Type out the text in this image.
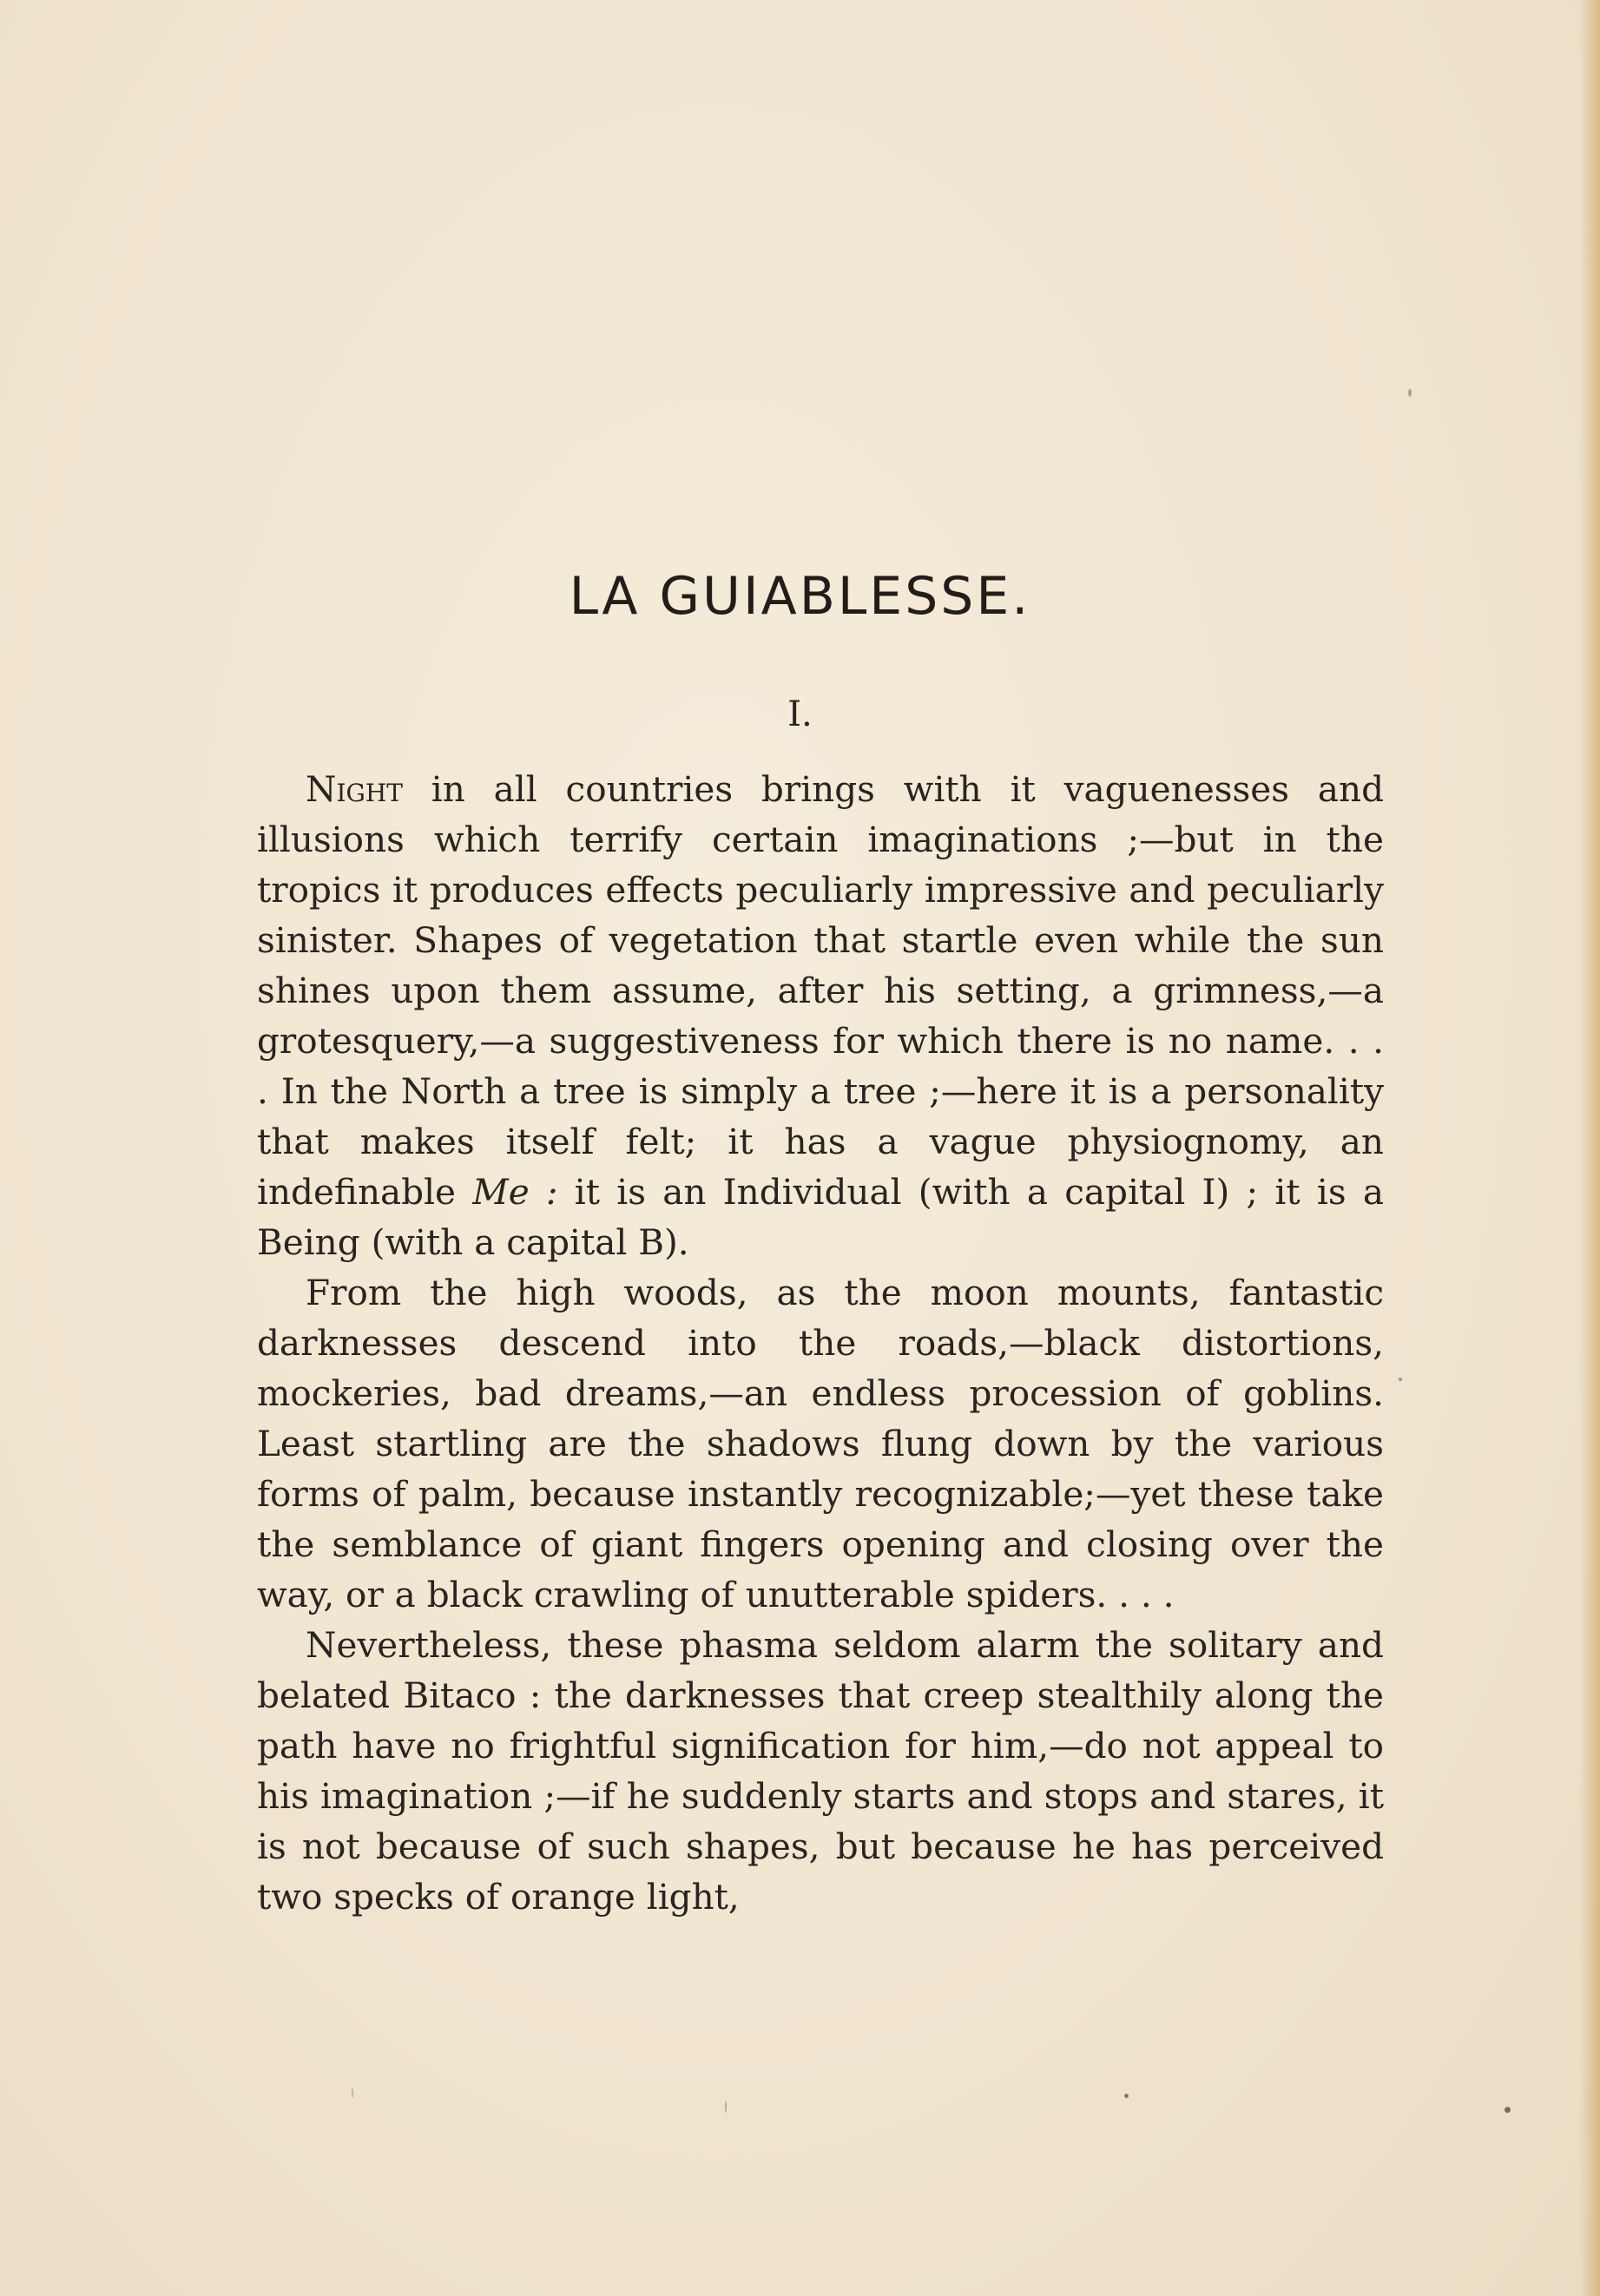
LA GUIABLESSE.
I.

Night in all countries brings with it vaguenesses and illusions which terrify certain imaginations ;—but in the tropics it produces effects peculiarly impressive and peculiarly sinister. Shapes of vegetation that startle even while the sun shines upon them assume, after his setting, a grimness,—a grotesquery,—a suggestiveness for which there is no name. . . . In the North a tree is simply a tree ;—here it is a personality that makes itself felt; it has a vague physiognomy, an indefinable Me : it is an Individual (with a capital I) ; it is a Being (with a capital B).

From the high woods, as the moon mounts, fantastic darknesses descend into the roads,—black distortions, mockeries, bad dreams,—an endless procession of goblins. Least startling are the shadows flung down by the various forms of palm, because instantly recognizable;—yet these take the semblance of giant fingers opening and closing over the way, or a black crawling of unutterable spiders. . . .

Nevertheless, these phasma seldom alarm the solitary and belated Bitaco : the darknesses that creep stealthily along the path have no frightful signification for him,—do not appeal to his imagination ;—if he suddenly starts and stops and stares, it is not because of such shapes, but because he has perceived two specks of orange light,
